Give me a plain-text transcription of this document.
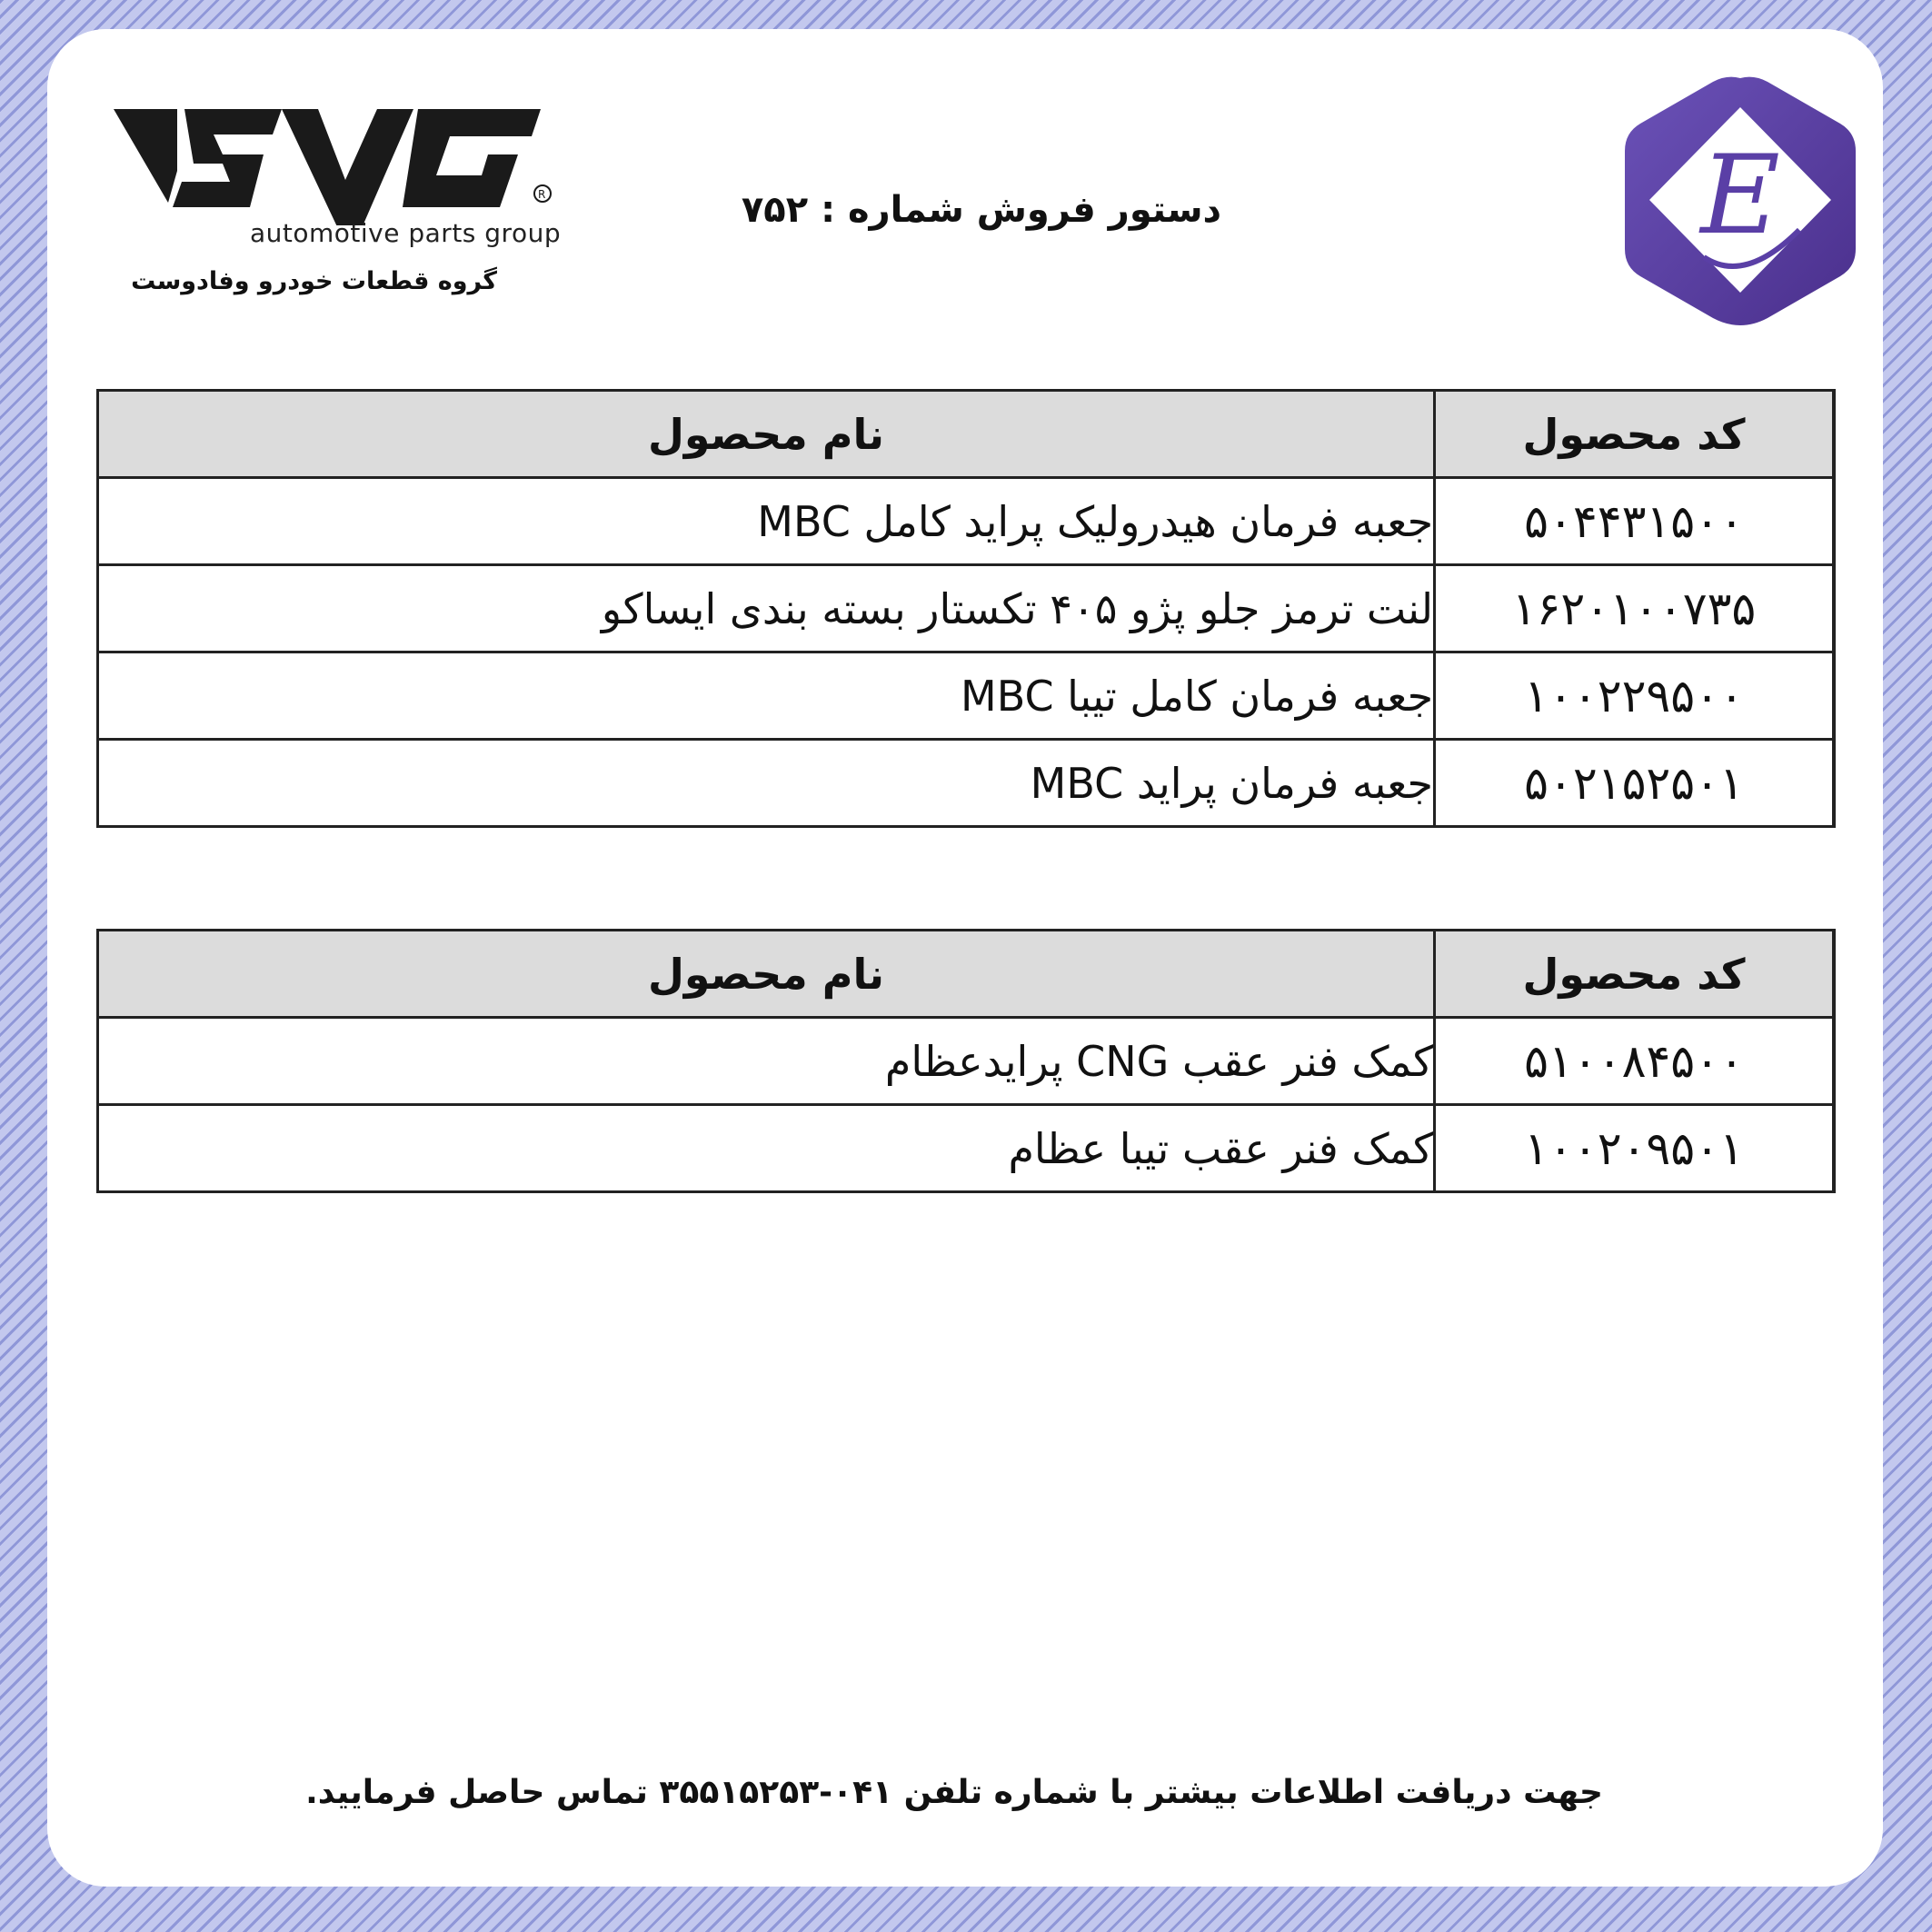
R
automotive parts group
گروه قطعات خودرو وفادوست
دستور فروش شماره : ۷۵۲	E
کد محصول	نام محصول
۵۰۴۴۳۱۵۰۰	جعبه فرمان هیدرولیک پراید کامل MBC
۱۶۲۰۱۰۰۷۳۵	لنت ترمز جلو پژو ۴۰۵ تکستار بسته بندی ایساکو
۱۰۰۲۲۹۵۰۰	جعبه فرمان کامل تیبا MBC
۵۰۲۱۵۲۵۰۱	جعبه فرمان پراید MBC
کد محصول	نام محصول
۵۱۰۰۸۴۵۰۰	کمک فنر عقب CNG پرایدعظام
۱۰۰۲۰۹۵۰۱	کمک فنر عقب تیبا عظام
جهت دریافت اطلاعات بیشتر با شماره تلفن ۰۴۱-۳۵۵۱۵۲۵۳ تماس حاصل فرمایید.
